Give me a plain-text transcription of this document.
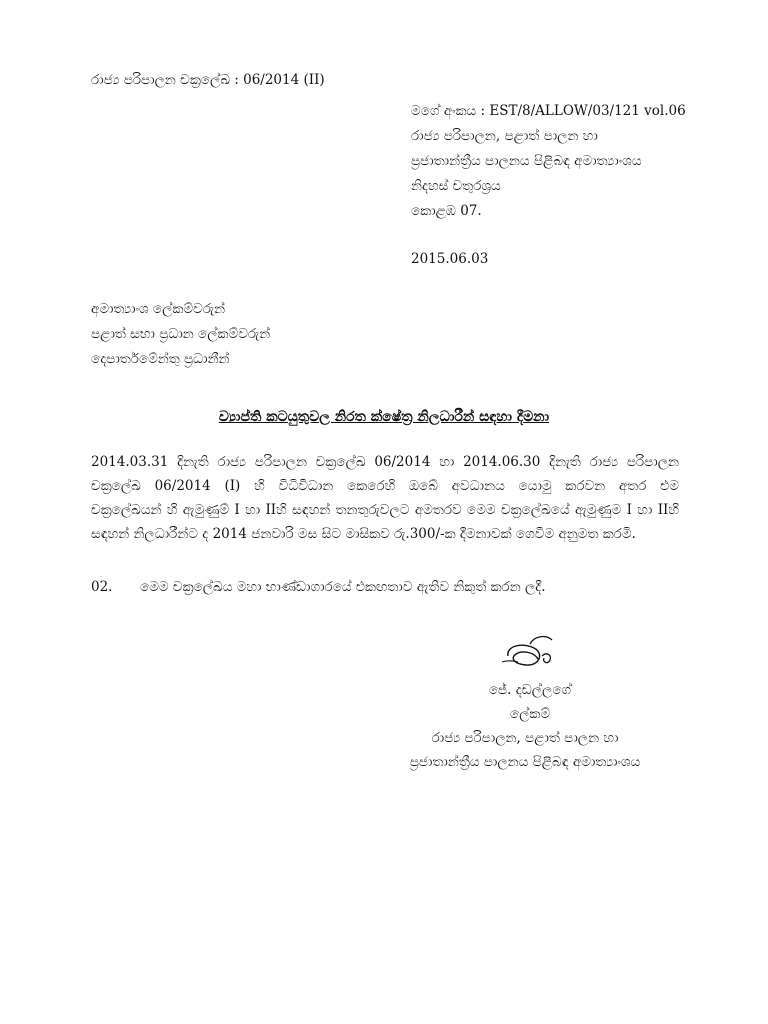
රාජ්‍ය පරිපාලන චක්‍රලේඛ : 06/2014 (II)
මගේ අංකය : EST/8/ALLOW/03/121 vol.06
රාජ්‍ය පරිපාලන, පළාත් පාලන හා
ප්‍රජාතාන්ත්‍රීය පාලනය පිළිබඳ අමාත්‍යාංශය
නිදහස් චතුරශ්‍රය
කොළඹ 07.
2015.06.03
අමාත්‍යාංශ ලේකම්වරුන්
පළාත් සභා ප්‍රධාන ලේකම්වරුන්
දෙපාර්තමේන්තු ප්‍රධානීන්
ව්‍යාප්ති කටයුතුවල නිරත ක්ෂේත්‍ර නිලධාරීන් සඳහා දීමනා
2014.03.31 දිනැති රාජ්‍ය පරිපාලන චක්‍රලේඛ 06/2014 හා 2014.06.30 දිනැති රාජ්‍ය පරිපාලන
චක්‍රලේඛ 06/2014 (I) හි විධිවිධාන කෙරෙහි ඔබේ අවධානය යොමු කරවන අතර එම
චක්‍රලේඛයන් හි ඇමුණුම් I හා IIහි සඳහන් තනතුරුවලට අමතරව මෙම චක්‍රලේඛයේ ඇමුණුම I හා IIහි
සඳහන් නිලධාරීන්ට ද 2014 ජනවාරි මස සිට මාසිකව රු.300/-ක දීමනාවක් ගෙවීම අනුමත කරමි.
02. මෙම චක්‍රලේඛය මහා භාණ්ඩාගාරයේ එකඟතාව ඇතිව නිකුත් කරන ලදී.
ජේ. දඩල්ලගේ
ලේකම්
රාජ්‍ය පරිපාලන, පළාත් පාලන හා
ප්‍රජාතාන්ත්‍රීය පාලනය පිළිබඳ අමාත්‍යාංශය
